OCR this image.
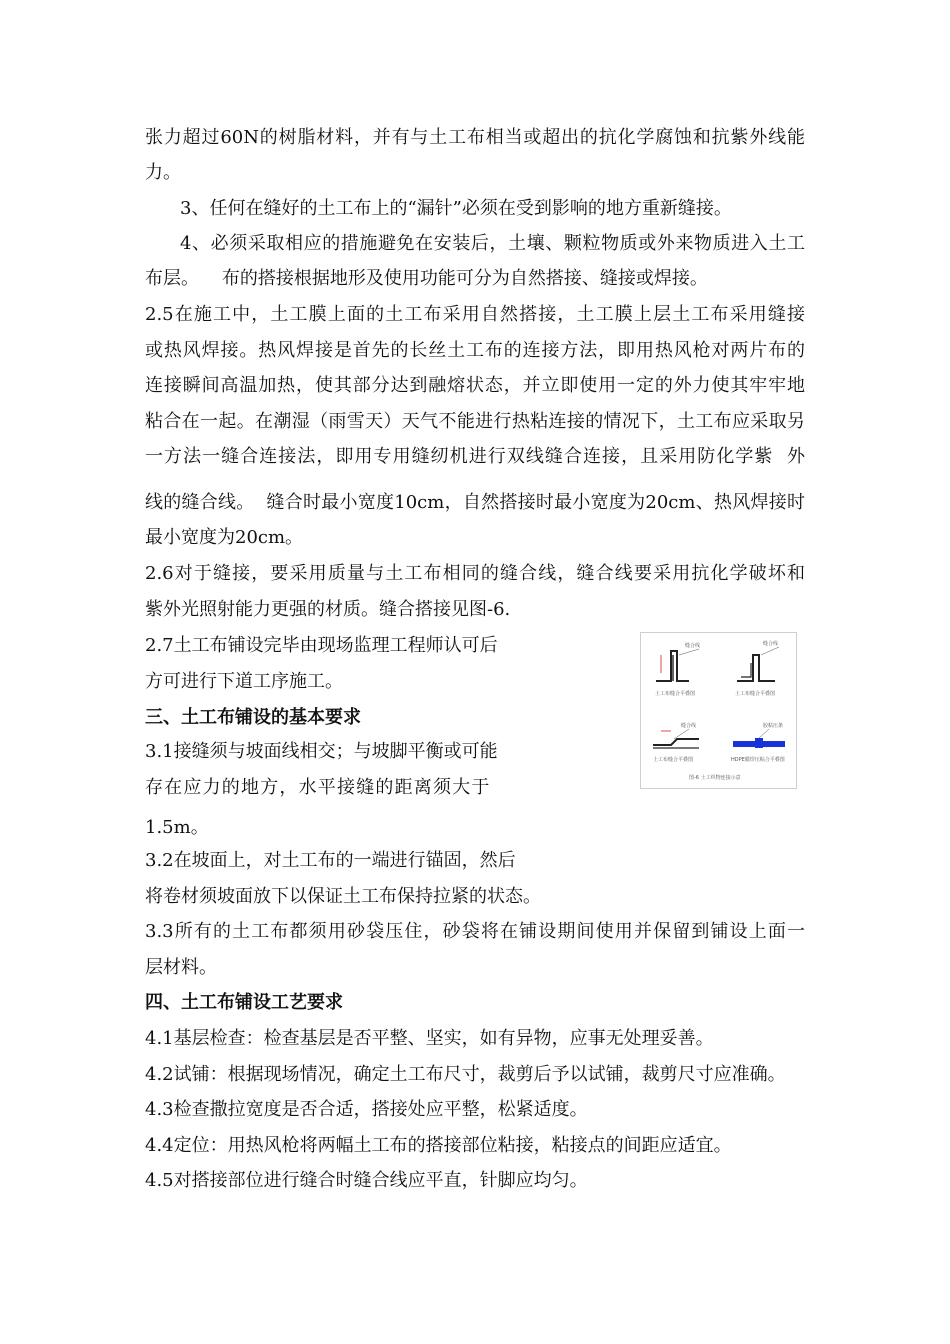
张力超过60N的树脂材料，并有与土工布相当或超出的抗化学腐蚀和抗紫外线能
力。
3、任何在缝好的土工布上的“漏针”必须在受到影响的地方重新缝接。
4、必须采取相应的措施避免在安装后，土壤、颗粒物质或外来物质进入土工
布层。    布的搭接根据地形及使用功能可分为自然搭接、缝接或焊接。
2.5在施工中，土工膜上面的土工布采用自然搭接，土工膜上层土工布采用缝接
或热风焊接。热风焊接是首先的长丝土工布的连接方法，即用热风枪对两片布的
连接瞬间高温加热，使其部分达到融熔状态，并立即使用一定的外力使其牢牢地
粘合在一起。在潮湿（雨雪天）天气不能进行热粘连接的情况下，土工布应采取另
一方法一缝合连接法，即用专用缝纫机进行双线缝合连接，且采用防化学紫  外
线的缝合线。  缝合时最小宽度10cm，自然搭接时最小宽度为20cm、热风焊接时
最小宽度为20cm。
2.6对于缝接，要采用质量与土工布相同的缝合线，缝合线要采用抗化学破坏和
紫外光照射能力更强的材质。缝合搭接见图-6.
2.7土工布铺设完毕由现场监理工程师认可后
方可进行下道工序施工。
三、土工布铺设的基本要求
3.1接缝须与坡面线相交；与坡脚平衡或可能
存在应力的地方，水平接缝的距离须大于
1.5m。
3.2在坡面上，对土工布的一端进行锚固，然后
将卷材须坡面放下以保证土工布保持拉紧的状态。
3.3所有的土工布都须用砂袋压住，砂袋将在铺设期间使用并保留到铺设上面一
层材料。
四、土工布铺设工艺要求
4.1基层检查：检查基层是否平整、坚实，如有异物，应事无处理妥善。
4.2试铺：根据现场情况，确定土工布尺寸，裁剪后予以试铺，裁剪尺寸应准确。
4.3检查撒拉宽度是否合适，搭接处应平整，松紧适度。
4.4定位：用热风枪将两幅土工布的搭接部位粘接，粘接点的间距应适宜。
4.5对搭接部位进行缝合时缝合线应平直，针脚应均匀。
缝合线
土工布缝合平叠图
缝合线
土工布缝合平叠图
缝合线
土工布缝合平叠图
胶粘压条
HDPE膜焊压粘合平叠图
图-6 土工织物连接示意
